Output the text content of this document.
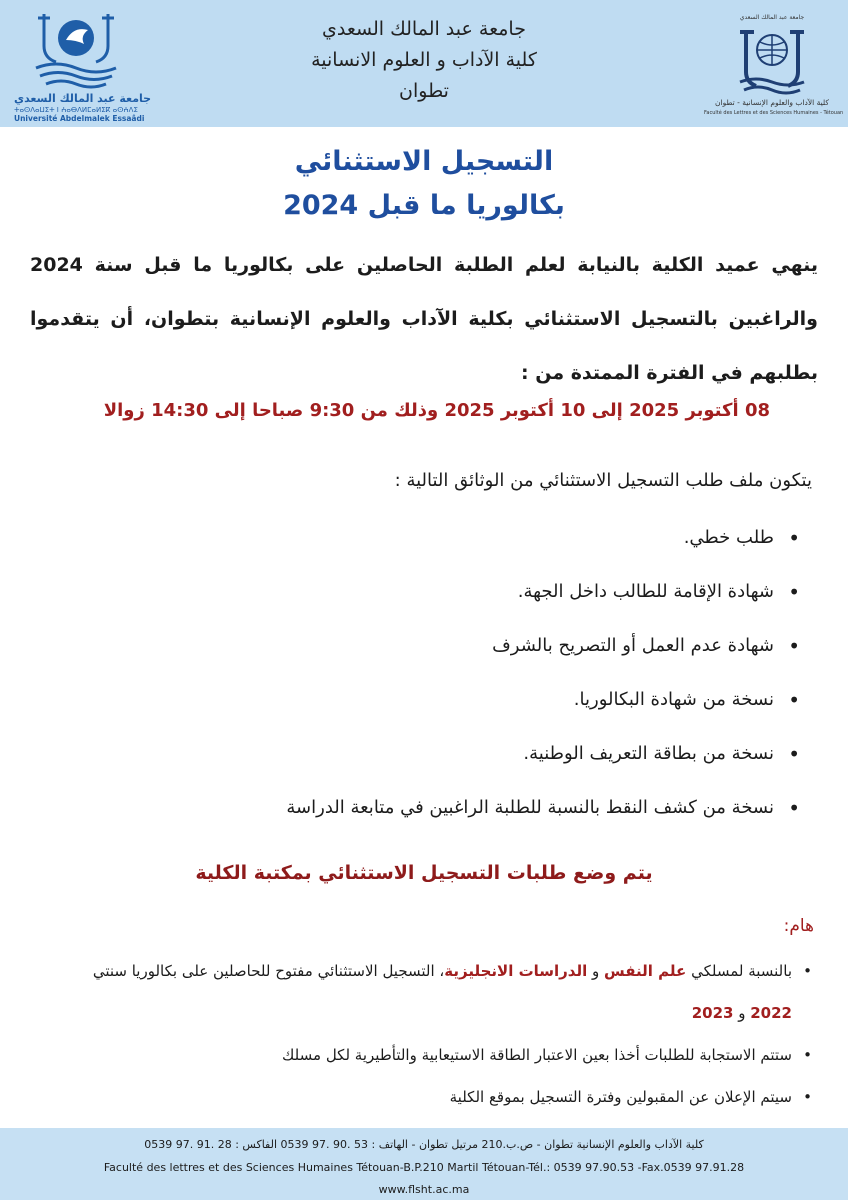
جامعة عبد المالك السعدي
ⵜⴰⵙⴷⴰⵡⵉⵜ ⵏ ⵄⴰⴱⴷⵍⵎⴰⵍⵉⴽ ⴰⵙⵄⴷⵉ
Université Abdelmalek Essaâdi
جامعة عبد المالك السعدي
كلية الآداب و العلوم الانسانية
تطوان
جامعة عبد المالك السعدي
كلية الآداب والعلوم الإنسانية - تطوان
Faculté des Lettres et des Sciences Humaines - Tétouan
التسجيل الاستثنائي
بكالوريا ما قبل 2024
ينهي عميد الكلية بالنيابة لعلم الطلبة الحاصلين على بكالوريا ما قبل سنة 2024 والراغبين بالتسجيل الاستثنائي بكلية الآداب والعلوم الإنسانية بتطوان، أن يتقدموا بطلبهم في الفترة الممتدة من :
08 أكتوبر 2025 إلى 10 أكتوبر 2025 وذلك من 9:30 صباحا إلى 14:30 زوالا
يتكون ملف طلب التسجيل الاستثنائي من الوثائق التالية :
• طلب خطي.
• شهادة الإقامة للطالب داخل الجهة.
• شهادة عدم العمل أو التصريح بالشرف
• نسخة من شهادة البكالوريا.
• نسخة من بطاقة التعريف الوطنية.
• نسخة من كشف النقط بالنسبة للطلبة الراغبين في متابعة الدراسة
يتم وضع طلبات التسجيل الاستثنائي بمكتبة الكلية
هام:
• بالنسبة لمسلكي علم النفس و الدراسات الانجليزية، التسجيل الاستثنائي مفتوح للحاصلين على بكالوريا سنتي 2022 و 2023
• ستتم الاستجابة للطلبات أخذا بعين الاعتبار الطاقة الاستيعابية والتأطيرية لكل مسلك
• سيتم الإعلان عن المقبولين وفترة التسجيل بموقع الكلية
كلية الآداب والعلوم الإنسانية تطوان - ص.ب.210 مرتيل تطوان - الهاتف : 53 .90 .97 0539 الفاكس : 28 .91 .97 0539
Faculté des lettres et des Sciences Humaines Tétouan-B.P.210 Martil Tétouan-Tél.: 0539 97.90.53 -Fax.0539 97.91.28
www.flsht.ac.ma
